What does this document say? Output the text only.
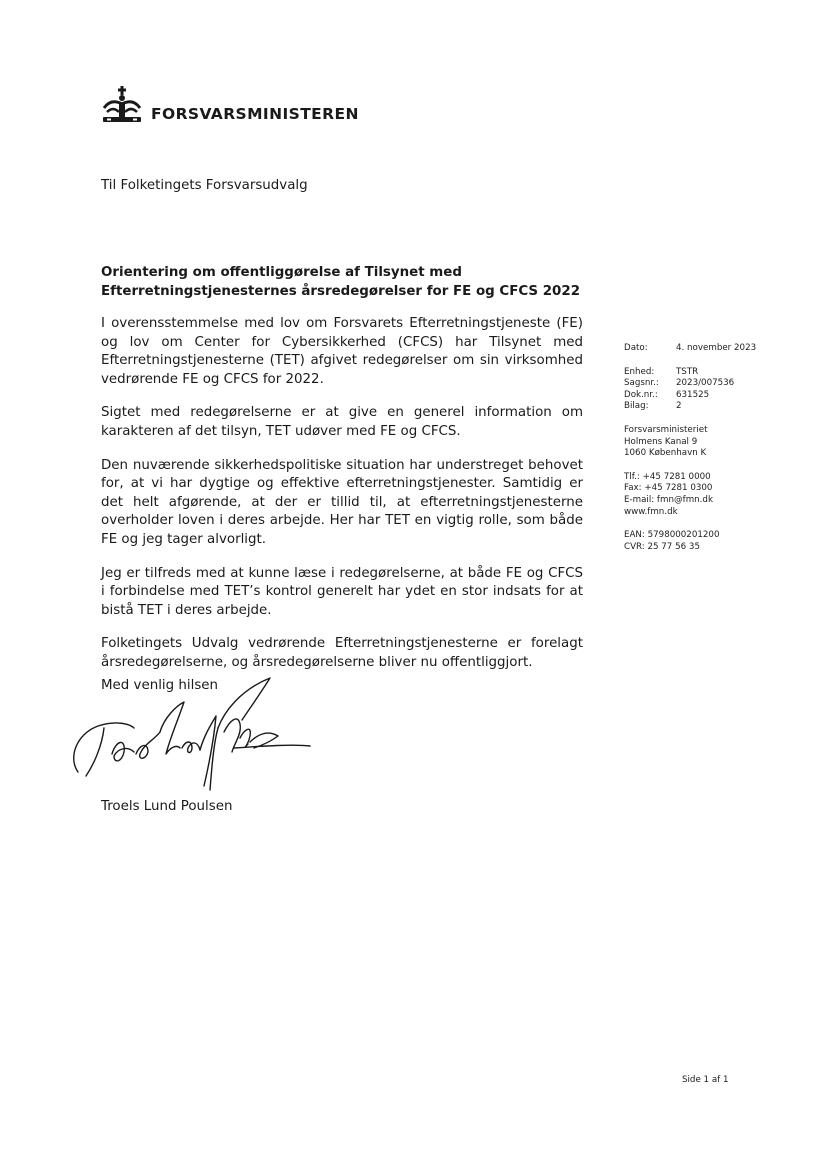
FORSVARSMINISTEREN
Til Folketingets Forsvarsudvalg
Orientering om offentliggørelse af Tilsynet med Efterretningstjenesternes årsredegørelser for FE og CFCS 2022

I overensstemmelse med lov om Forsvarets Efterretningstjeneste (FE) og lov om Center for Cybersikkerhed (CFCS) har Tilsynet med Efterretningstjenesterne (TET) afgivet redegørelser om sin virksomhed vedrørende FE og CFCS for 2022.

Sigtet med redegørelserne er at give en generel information om karakteren af det tilsyn, TET udøver med FE og CFCS.

Den nuværende sikkerhedspolitiske situation har understreget behovet for, at vi har dygtige og effektive efterretningstjenester. Samtidig er det helt afgørende, at der er tillid til, at efterretningstjenesterne overholder loven i deres arbejde. Her har TET en vigtig rolle, som både FE og jeg tager alvorligt.

Jeg er tilfreds med at kunne læse i redegørelserne, at både FE og CFCS i forbindelse med TET’s kontrol generelt har ydet en stor indsats for at bistå TET i deres arbejde.

Folketingets Udvalg vedrørende Efterretningstjenesterne er forelagt årsredegørelserne, og årsredegørelserne bliver nu offentliggjort.

Med venlig hilsen
Troels Lund Poulsen
Dato:	4. november 2023
Enhed:	TSTR
Sagsnr.:	2023/007536
Dok.nr.:	631525
Bilag:	2
Forsvarsministeriet
Holmens Kanal 9
1060 København K
Tlf.: +45 7281 0000
Fax: +45 7281 0300
E-mail: fmn@fmn.dk
www.fmn.dk
EAN: 5798000201200
CVR: 25 77 56 35
Side 1 af 1
